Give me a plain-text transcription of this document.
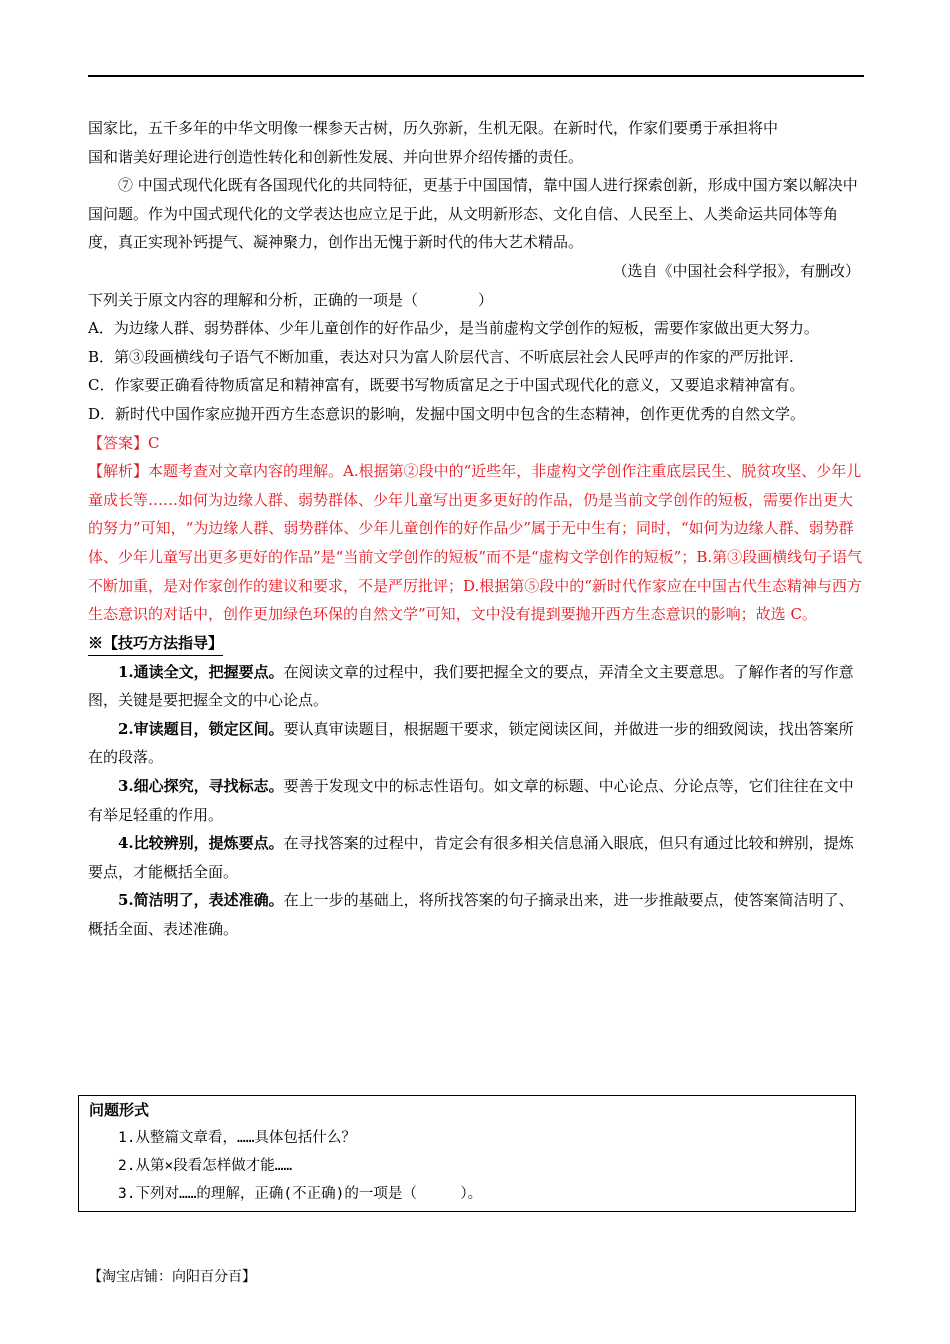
国家比，五千多年的中华文明像一棵参天古树，历久弥新，生机无限。在新时代，作家们要勇于承担将中

国和谐美好理论进行创造性转化和创新性发展、并向世界介绍传播的责任。

⑦ 中国式现代化既有各国现代化的共同特征，更基于中国国情，靠中国人进行探索创新，形成中国方案以解决中国问题。作为中国式现代化的文学表达也应立足于此，从文明新形态、文化自信、人民至上、人类命运共同体等角度，真正实现补钙提气、凝神聚力，创作出无愧于新时代的伟大艺术精品。

（选自《中国社会科学报》，有删改）

下列关于原文内容的理解和分析，正确的一项是（　　　　）

A．为边缘人群、弱势群体、少年儿童创作的好作品少，是当前虚构文学创作的短板，需要作家做出更大努力。

B．第③段画横线句子语气不断加重，表达对只为富人阶层代言、不听底层社会人民呼声的作家的严厉批评.

C．作家要正确看待物质富足和精神富有，既要书写物质富足之于中国式现代化的意义，又要追求精神富有。

D．新时代中国作家应抛开西方生态意识的影响，发掘中国文明中包含的生态精神，创作更优秀的自然文学。

【答案】C

【解析】本题考查对文章内容的理解。A.根据第②段中的“近些年，非虚构文学创作注重底层民生、脱贫攻坚、少年儿童成长等……如何为边缘人群、弱势群体、少年儿童写出更多更好的作品，仍是当前文学创作的短板，需要作出更大的努力”可知，“为边缘人群、弱势群体、少年儿童创作的好作品少”属于无中生有；同时，“如何为边缘人群、弱势群体、少年儿童写出更多更好的作品”是“当前文学创作的短板”而不是“虚构文学创作的短板”；B.第③段画横线句子语气不断加重，是对作家创作的建议和要求，不是严厉批评；D.根据第⑤段中的“新时代作家应在中国古代生态精神与西方生态意识的对话中，创作更加绿色环保的自然文学”可知，文中没有提到要抛开西方生态意识的影响；故选 C。

※【技巧方法指导】

1.通读全文，把握要点。在阅读文章的过程中，我们要把握全文的要点，弄清全文主要意思。了解作者的写作意图，关键是要把握全文的中心论点。

2.审读题目，锁定区间。要认真审读题目，根据题干要求，锁定阅读区间，并做进一步的细致阅读，找出答案所在的段落。

3.细心探究，寻找标志。要善于发现文中的标志性语句。如文章的标题、中心论点、分论点等，它们往往在文中有举足轻重的作用。

4.比较辨别，提炼要点。在寻找答案的过程中，肯定会有很多相关信息涌入眼底，但只有通过比较和辨别，提炼要点，才能概括全面。

5.简洁明了，表述准确。在上一步的基础上，将所找答案的句子摘录出来，进一步推敲要点，使答案简洁明了、概括全面、表述准确。

问题形式
1.从整篇文章看，……具体包括什么？
2.从第×段看怎样做才能……
3.下列对……的理解，正确(不正确)的一项是（　　　）。
【淘宝店铺：向阳百分百】
